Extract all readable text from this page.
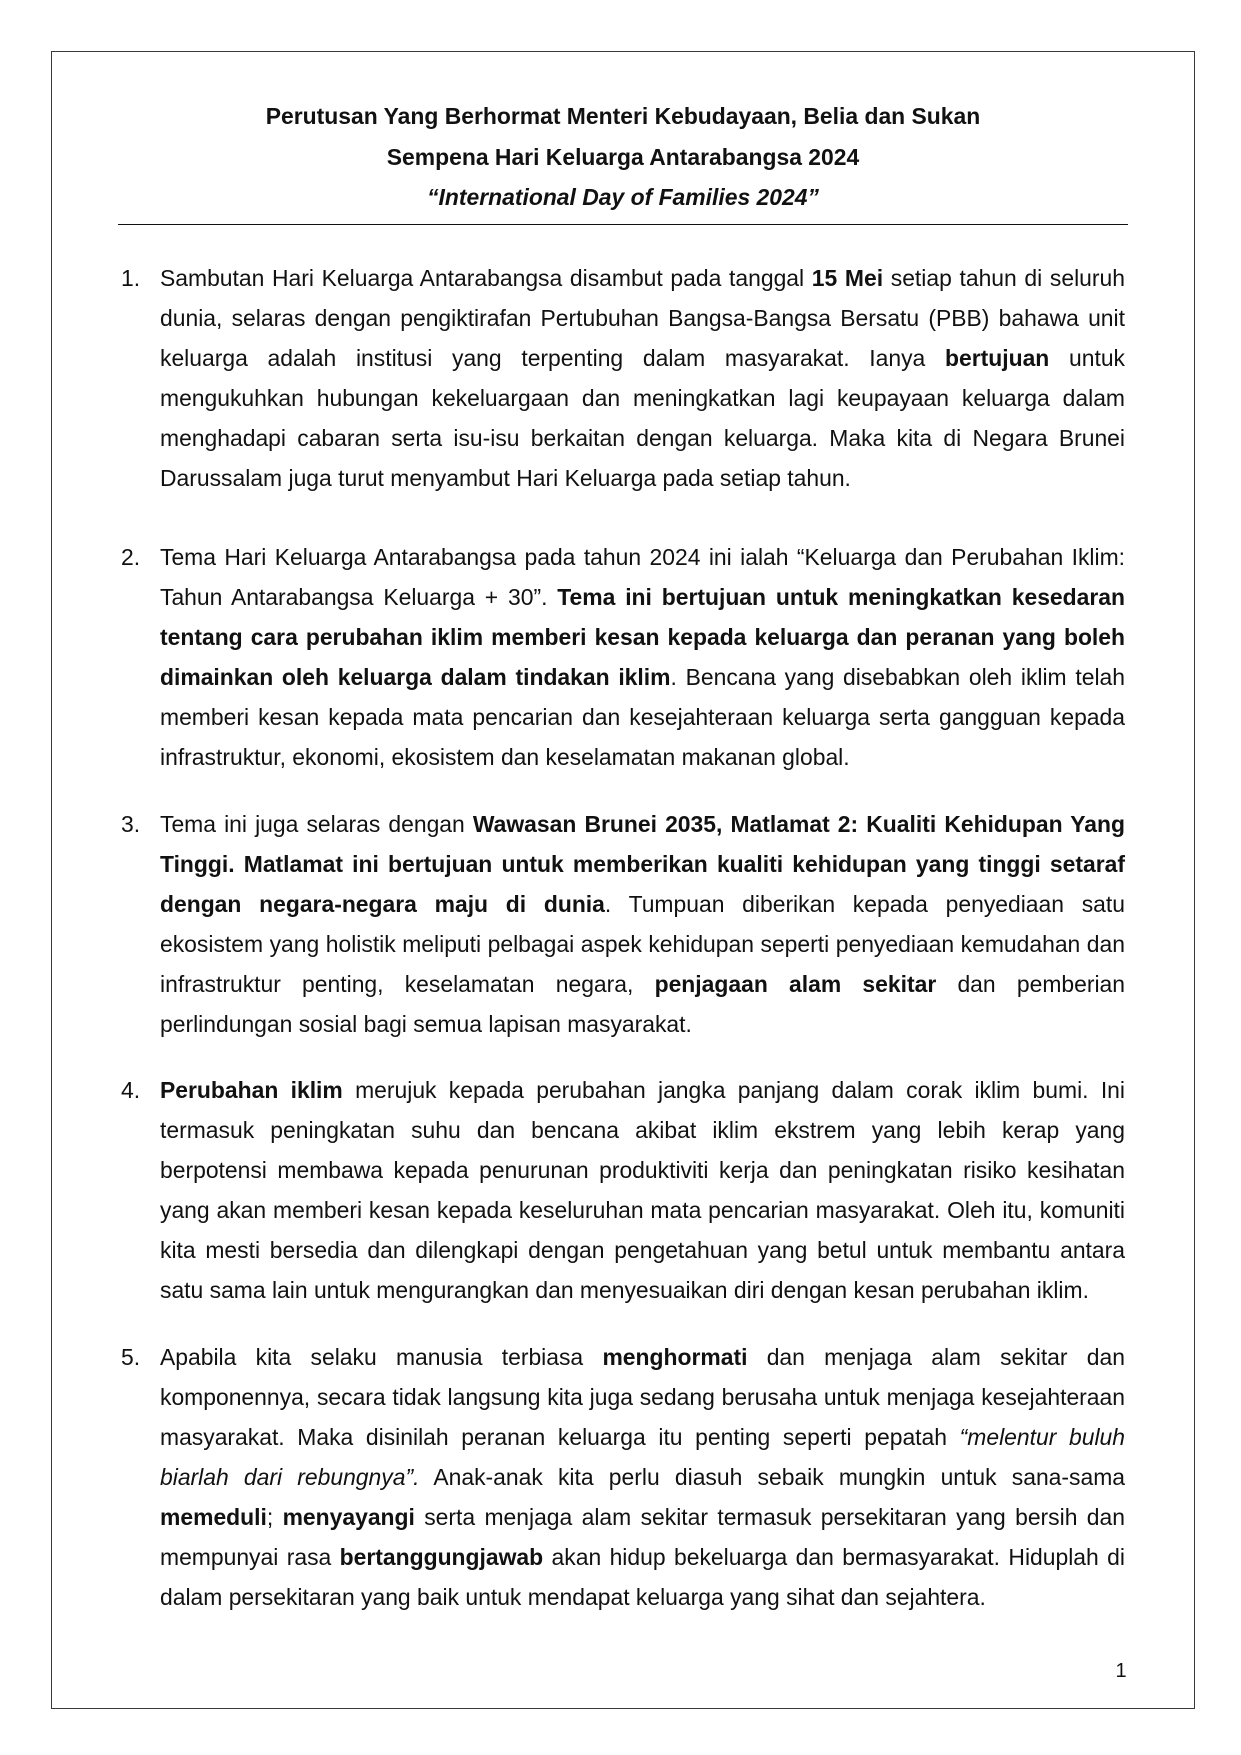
Perutusan Yang Berhormat Menteri Kebudayaan, Belia dan Sukan
Sempena Hari Keluarga Antarabangsa 2024
“International Day of Families 2024”
1. Sambutan Hari Keluarga Antarabangsa disambut pada tanggal 15 Mei setiap tahun di seluruh dunia, selaras dengan pengiktirafan Pertubuhan Bangsa-Bangsa Bersatu (PBB) bahawa unit keluarga adalah institusi yang terpenting dalam masyarakat. Ianya bertujuan untuk mengukuhkan hubungan kekeluargaan dan meningkatkan lagi keupayaan keluarga dalam menghadapi cabaran serta isu-isu berkaitan dengan keluarga. Maka kita di Negara Brunei Darussalam juga turut menyambut Hari Keluarga pada setiap tahun.
2. Tema Hari Keluarga Antarabangsa pada tahun 2024 ini ialah “Keluarga dan Perubahan Iklim: Tahun Antarabangsa Keluarga + 30”. Tema ini bertujuan untuk meningkatkan kesedaran tentang cara perubahan iklim memberi kesan kepada keluarga dan peranan yang boleh dimainkan oleh keluarga dalam tindakan iklim. Bencana yang disebabkan oleh iklim telah memberi kesan kepada mata pencarian dan kesejahteraan keluarga serta gangguan kepada infrastruktur, ekonomi, ekosistem dan keselamatan makanan global.
3. Tema ini juga selaras dengan Wawasan Brunei 2035, Matlamat 2: Kualiti Kehidupan Yang Tinggi. Matlamat ini bertujuan untuk memberikan kualiti kehidupan yang tinggi setaraf dengan negara-negara maju di dunia. Tumpuan diberikan kepada penyediaan satu ekosistem yang holistik meliputi pelbagai aspek kehidupan seperti penyediaan kemudahan dan infrastruktur penting, keselamatan negara, penjagaan alam sekitar dan pemberian perlindungan sosial bagi semua lapisan masyarakat.
4. Perubahan iklim merujuk kepada perubahan jangka panjang dalam corak iklim bumi. Ini termasuk peningkatan suhu dan bencana akibat iklim ekstrem yang lebih kerap yang berpotensi membawa kepada penurunan produktiviti kerja dan peningkatan risiko kesihatan yang akan memberi kesan kepada keseluruhan mata pencarian masyarakat. Oleh itu, komuniti kita mesti bersedia dan dilengkapi dengan pengetahuan yang betul untuk membantu antara satu sama lain untuk mengurangkan dan menyesuaikan diri dengan kesan perubahan iklim.
5. Apabila kita selaku manusia terbiasa menghormati dan menjaga alam sekitar dan komponennya, secara tidak langsung kita juga sedang berusaha untuk menjaga kesejahteraan masyarakat. Maka disinilah peranan keluarga itu penting seperti pepatah “melentur buluh biarlah dari rebungnya”. Anak-anak kita perlu diasuh sebaik mungkin untuk sana-sama memeduli; menyayangi serta menjaga alam sekitar termasuk persekitaran yang bersih dan mempunyai rasa bertanggungjawab akan hidup bekeluarga dan bermasyarakat. Hiduplah di dalam persekitaran yang baik untuk mendapat keluarga yang sihat dan sejahtera.
1
